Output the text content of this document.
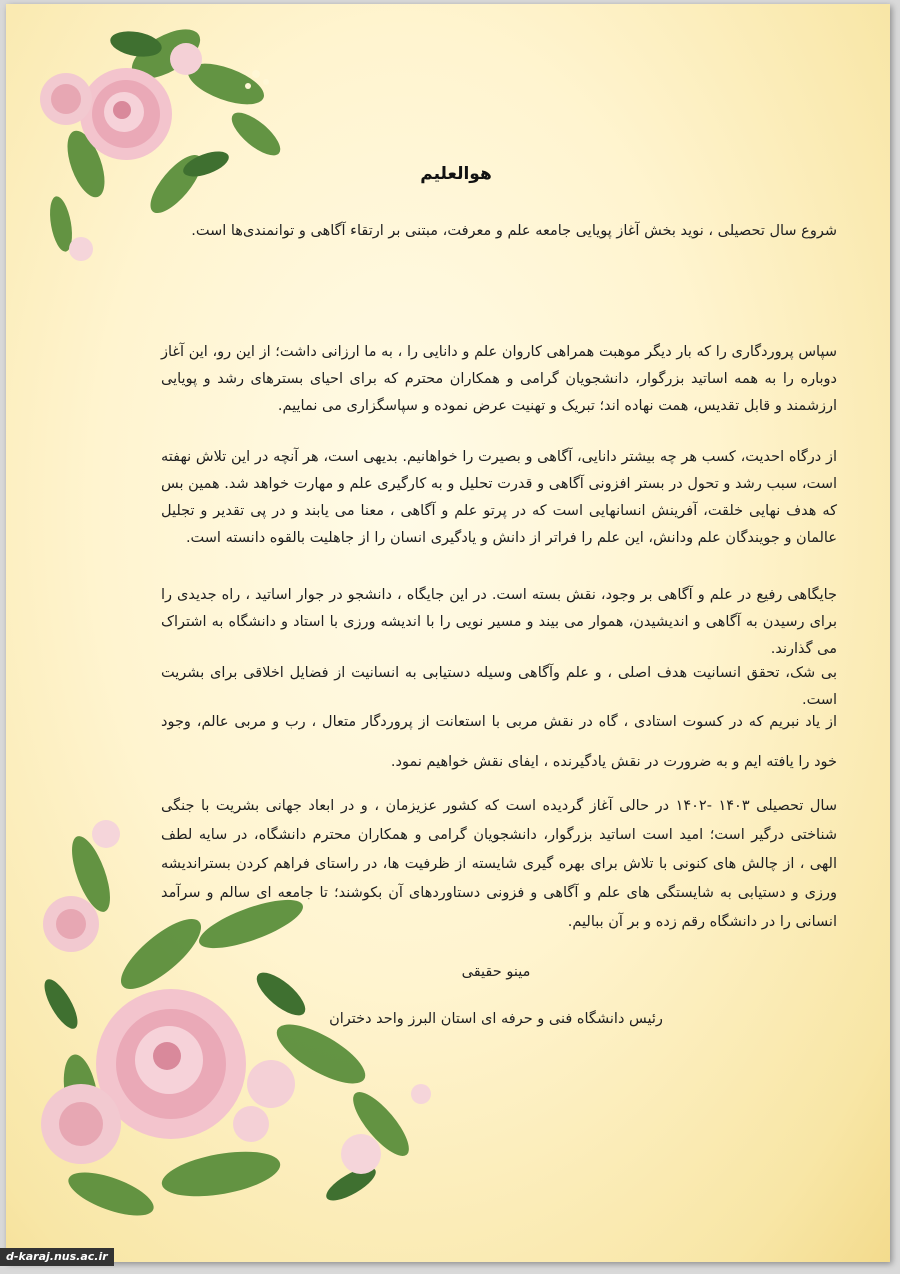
هوالعلیم

شروع سال تحصیلی ، نوید بخش آغاز پویایی جامعه علم و معرفت، مبتنی بر ارتقاء آگاهی و توانمندی‌ها است.

سپاس پروردگاری را که بار دیگر موهبت همراهی کاروان علم و دانایی را ، به ما ارزانی داشت؛ از این رو، این آغاز دوباره را به همه اساتید بزرگوار، دانشجویان گرامی و همکاران محترم که برای احیای بسترهای رشد و پویایی ارزشمند و قابل تقدیس، همت نهاده اند؛ تبریک و تهنیت عرض نموده و سپاسگزاری می نماییم.

از درگاه احدیت، کسب هر چه بیشتر دانایی، آگاهی و بصیرت را خواهانیم. بدیهی است، هر آنچه در این تلاش نهفته است، سبب رشد و تحول در بستر افزونی آگاهی و قدرت تحلیل و به کارگیری علم و مهارت خواهد شد. همین بس که هدف نهایی خلقت، آفرینش انسانهایی است که در پرتو علم و آگاهی ، معنا می یابند و در پی تقدیر و تجلیل عالمان و جویندگان علم ودانش، این علم را فراتر از دانش و یادگیری انسان را از جاهلیت بالقوه دانسته است.

جایگاهی رفیع در علم و آگاهی بر وجود، نقش بسته است. در این جایگاه ، دانشجو در جوار اساتید ، راه جدیدی را برای رسیدن به آگاهی و اندیشیدن، هموار می بیند و مسیر نویی را با اندیشه ورزی با استاد و دانشگاه به اشتراک می گذارند.

بی شک، تحقق انسانیت هدف اصلی ، و علم وآگاهی وسیله دستیابی به انسانیت از فضایل اخلاقی برای بشریت است.

از یاد نبریم که در کسوت استادی ، گاه در نقش مربی با استعانت از پروردگار متعال ، رب و مربی عالم، وجود خود را یافته ایم و به ضرورت در نقش یادگیرنده ، ایفای نقش خواهیم نمود.

سال تحصیلی ۱۴۰۳ -۱۴۰۲ در حالی آغاز گردیده است که کشور عزیزمان ، و در ابعاد جهانی بشریت با جنگی شناختی درگیر است؛ امید است اساتید بزرگوار، دانشجویان گرامی و همکاران محترم دانشگاه، در سایه لطف الهی ، از چالش های کنونی با تلاش برای بهره گیری شایسته از ظرفیت ها، در راستای فراهم کردن بستراندیشه ورزی و دستیابی به شایستگی های علم و آگاهی و فزونی دستاوردهای آن بکوشند؛ تا جامعه ای سالم و سرآمد انسانی را در دانشگاه رقم زده و بر آن ببالیم.

مینو حقیقی

رئیس دانشگاه فنی و حرفه ای استان البرز واحد دختران

d-karaj.nus.ac.ir
